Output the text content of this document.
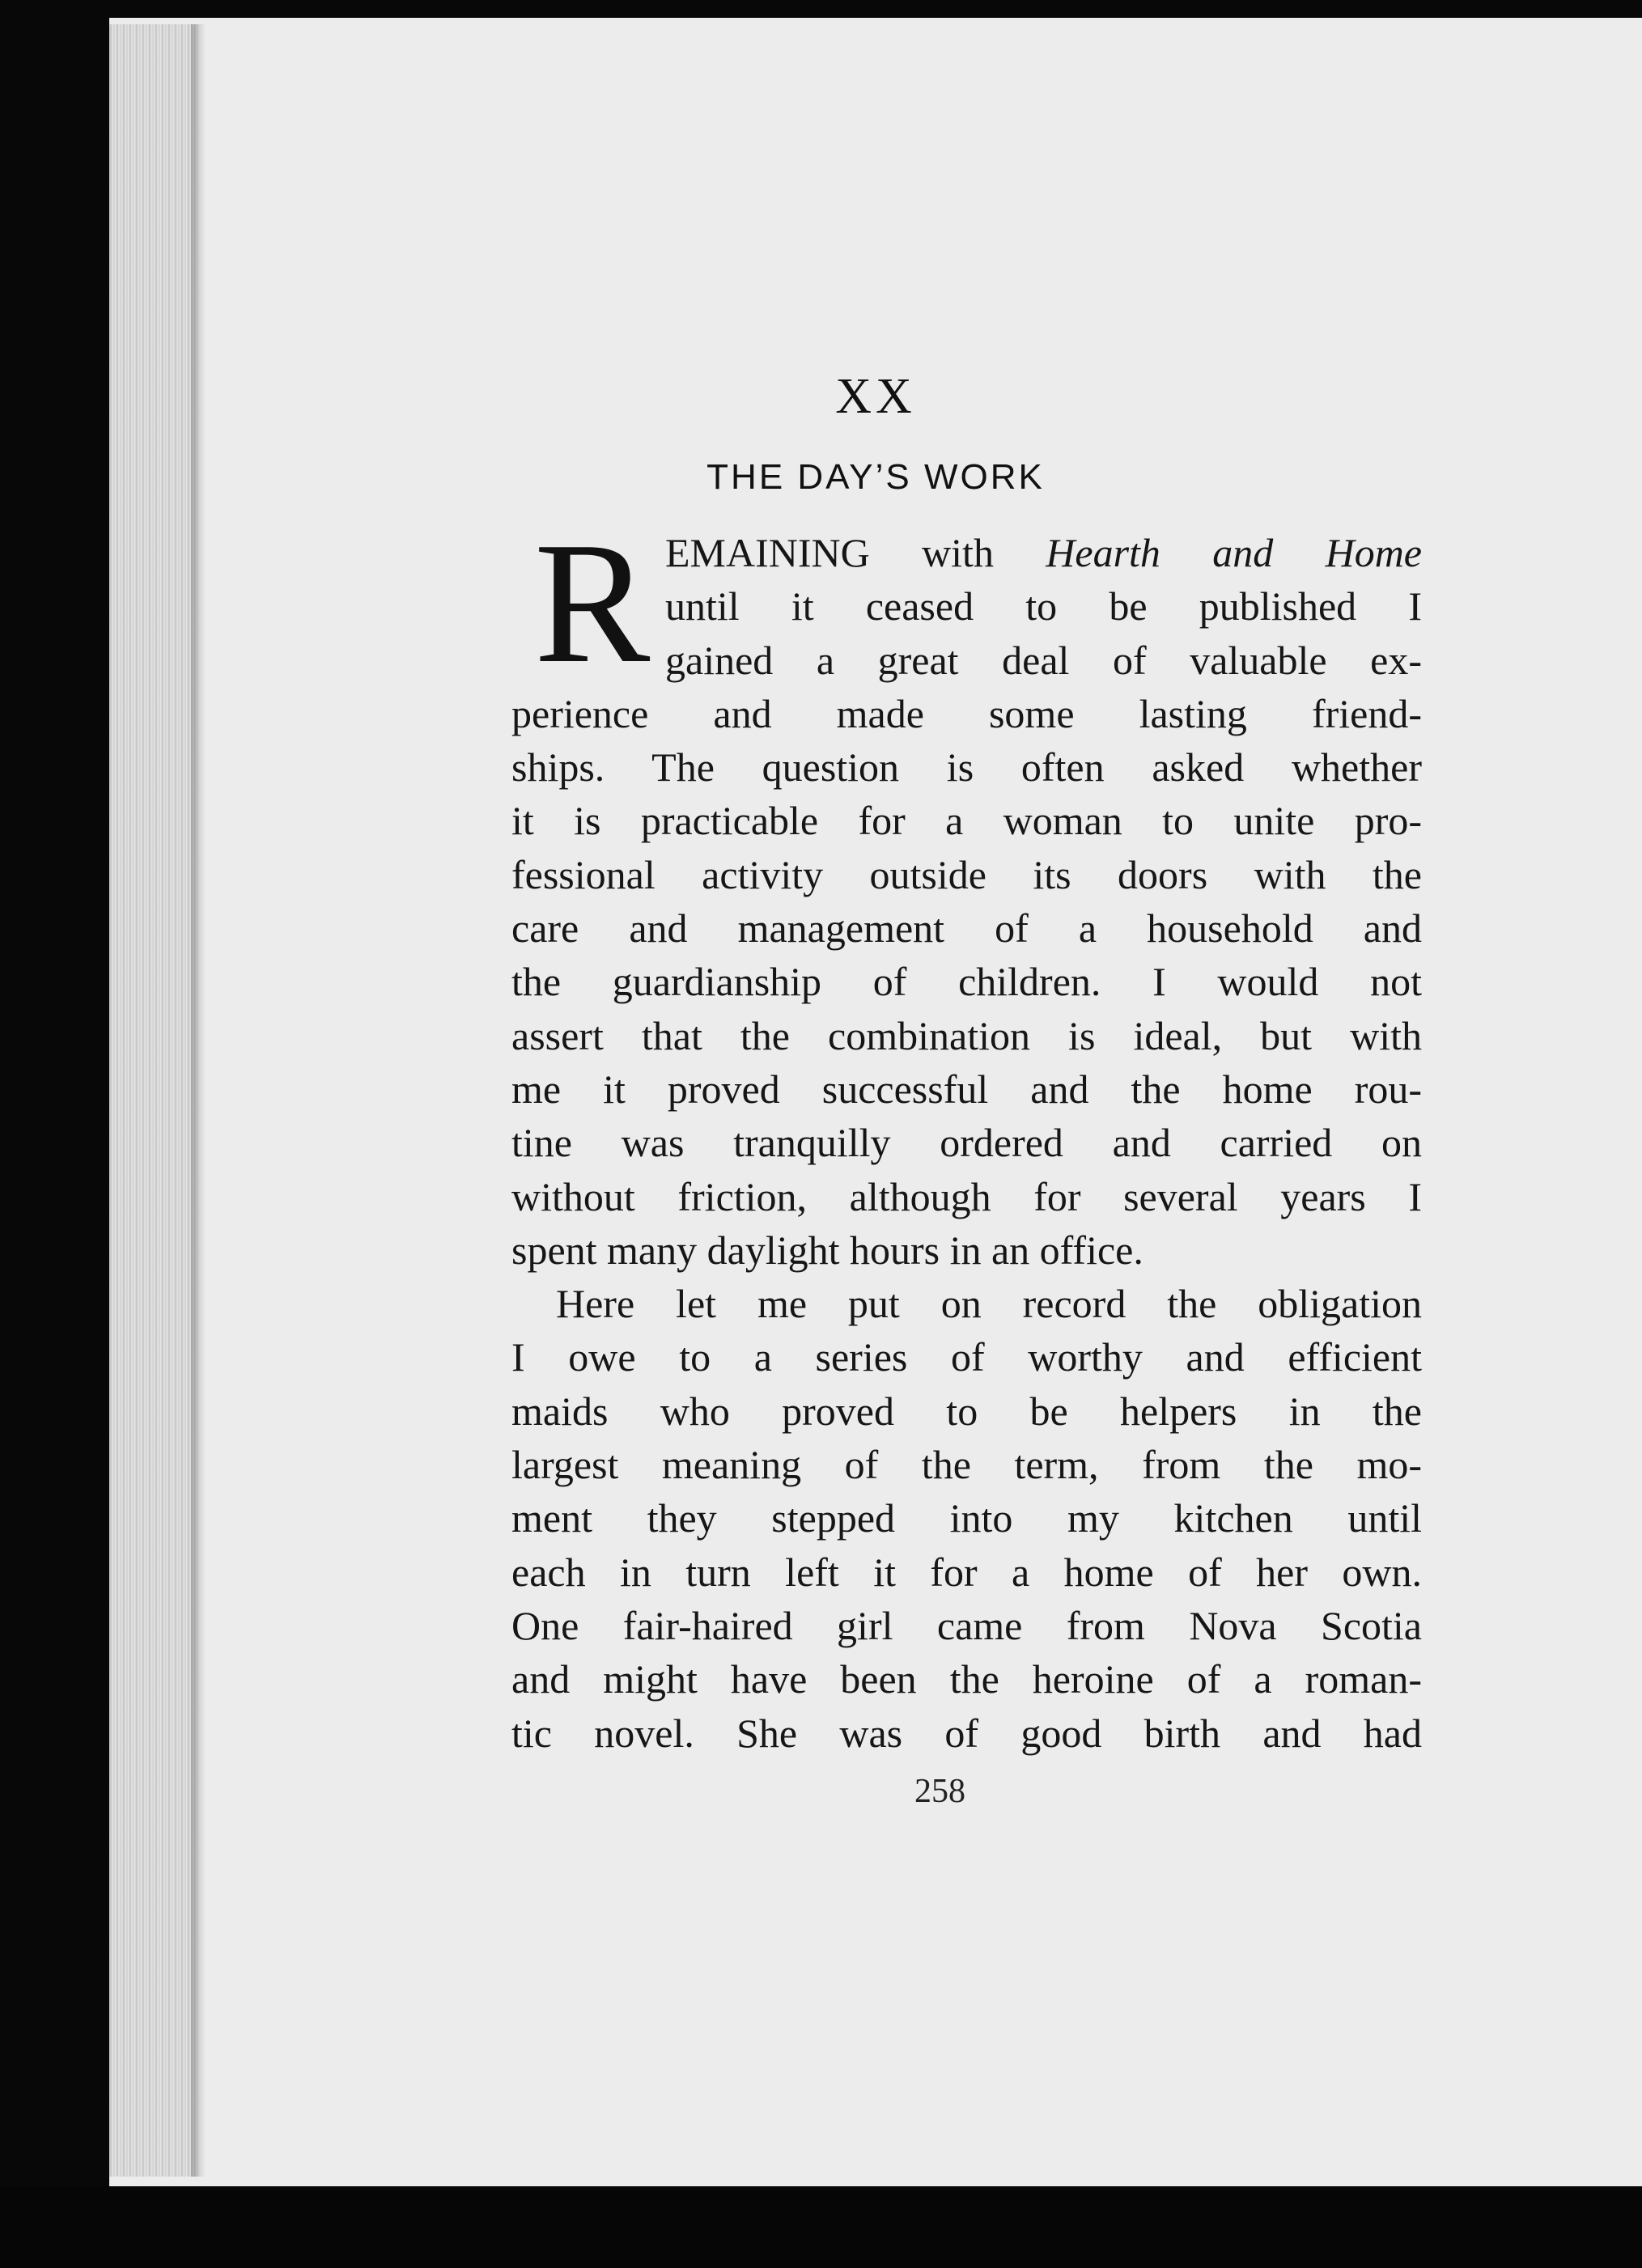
XX
THE DAY’S WORK
R EMAINING with Hearth and Home
until it ceased to be published I
gained a great deal of valuable ex-
perience and made some lasting friend-
ships. The question is often asked whether
it is practicable for a woman to unite pro-
fessional activity outside its doors with the
care and management of a household and
the guardianship of children. I would not
assert that the combination is ideal, but with
me it proved successful and the home rou-
tine was tranquilly ordered and carried on
without friction, although for several years I
spent many daylight hours in an office.
Here let me put on record the obligation
I owe to a series of worthy and efficient
maids who proved to be helpers in the
largest meaning of the term, from the mo-
ment they stepped into my kitchen until
each in turn left it for a home of her own.
One fair-haired girl came from Nova Scotia
and might have been the heroine of a roman-
tic novel. She was of good birth and had
258
